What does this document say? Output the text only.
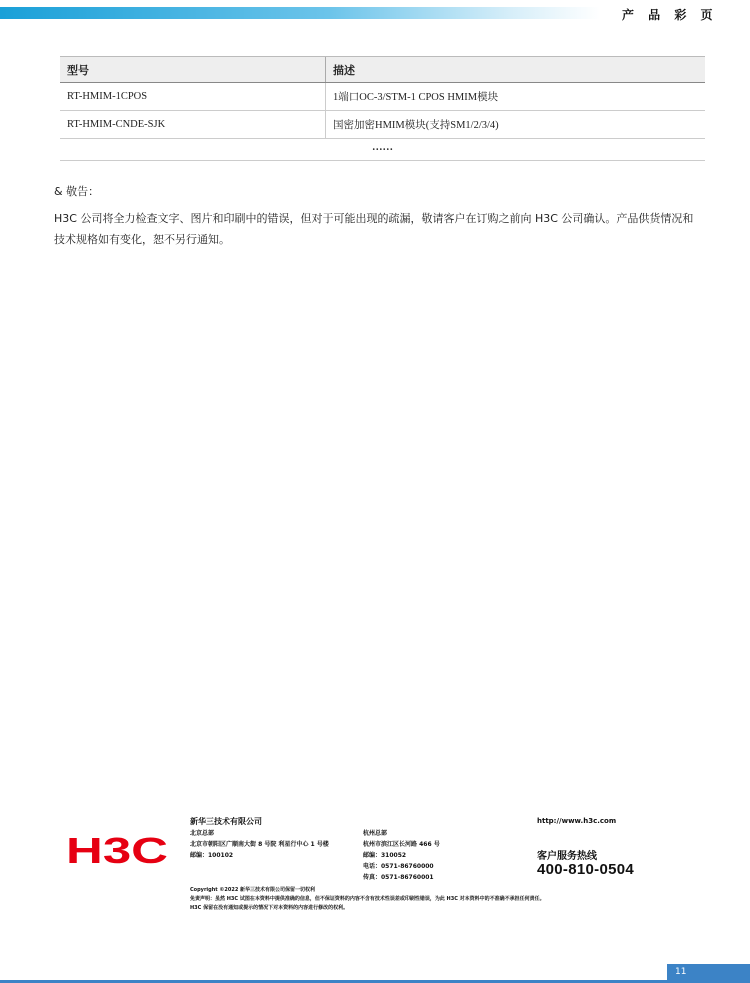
产 品 彩 页
型号	描述
RT-HMIM-1CPOS	1端口OC-3/STM-1 CPOS HMIM模块
RT-HMIM-CNDE-SJK	国密加密HMIM模块(支持SM1/2/3/4)
……	
& 敬告：
H3C 公司将全力检查文字、图片和印刷中的错误，但对于可能出现的疏漏，敬请客户在订购之前向 H3C 公司确认。产品供货情况和技术规格如有变化，恕不另行通知。
H3C
新华三技术有限公司
北京总部
北京市朝阳区广顺南大街 8 号院 利星行中心 1 号楼
邮编：100102
杭州总部
杭州市滨江区长河路 466 号
邮编：310052
电话：0571-86760000
传真：0571-86760001
http://www.h3c.com
客户服务热线
400-810-0504
Copyright ©2022 新华三技术有限公司保留一切权利
免责声明：虽然 H3C 试图在本资料中提供准确的信息，但不保证资料的内容不含有技术性误差或印刷性错误，为此 H3C 对本资料中的不准确不承担任何责任。
H3C 保留在没有通知或提示的情况下对本资料的内容进行修改的权利。
11
